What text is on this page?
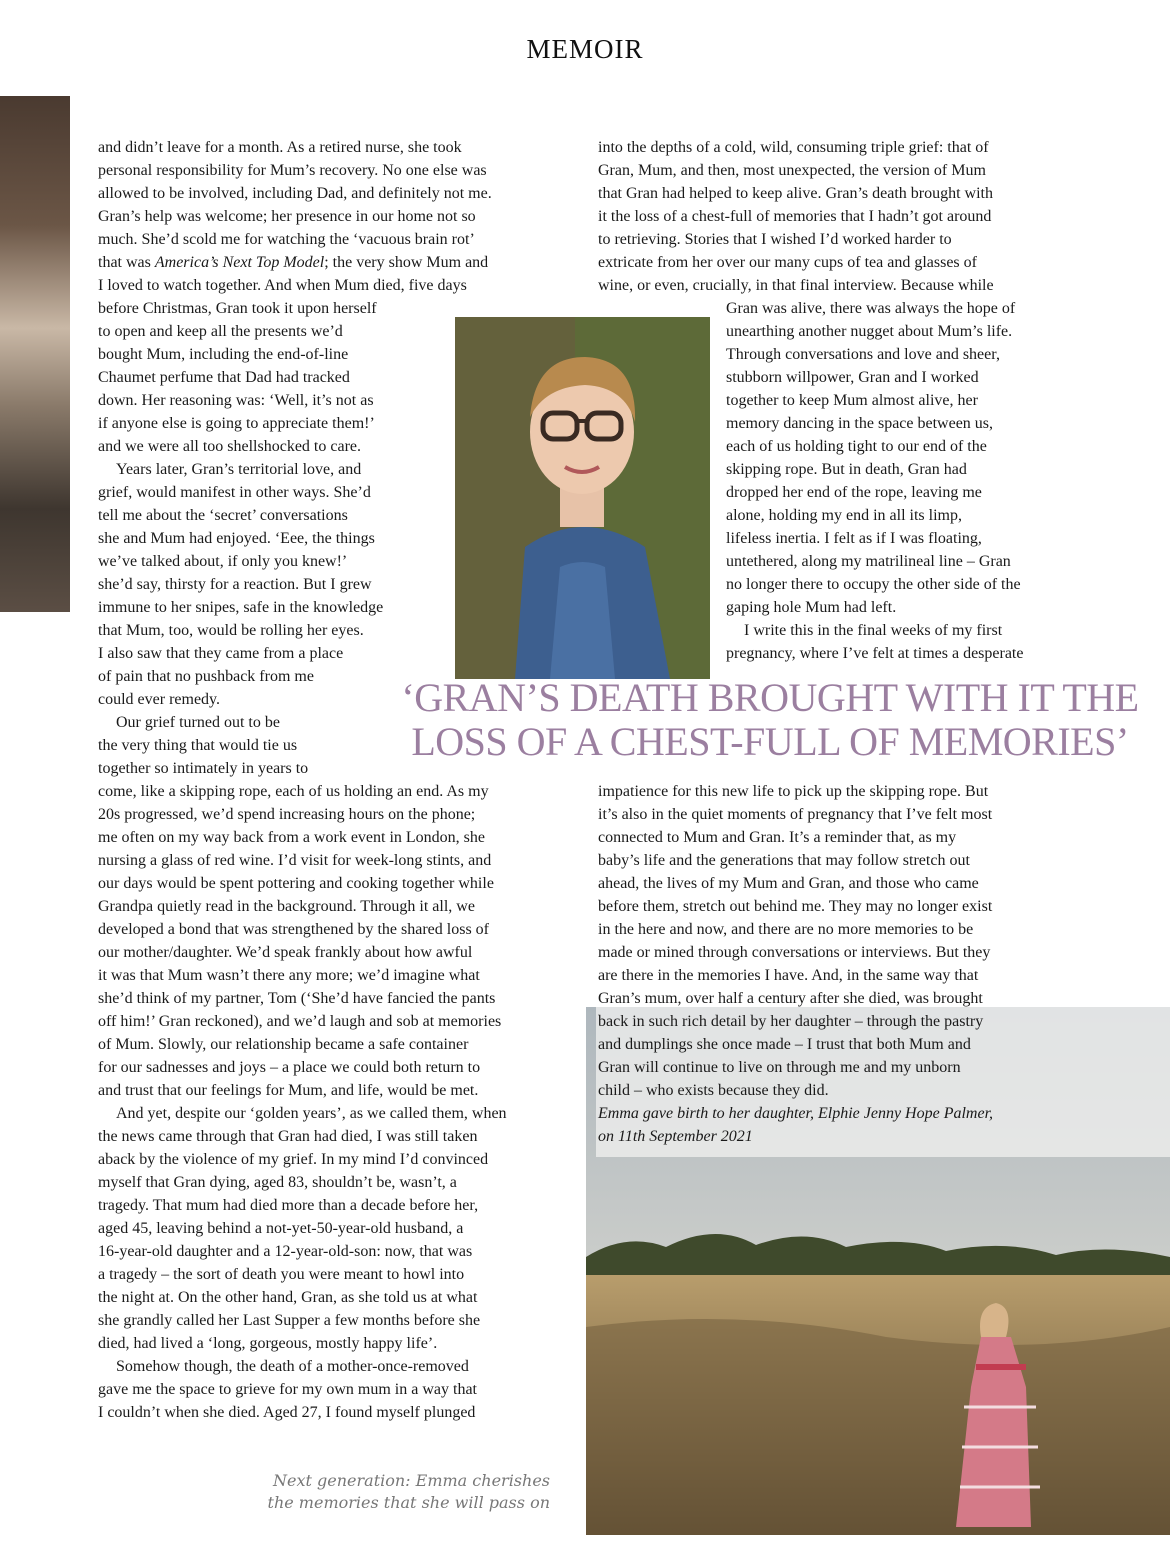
MEMOIR

and didn’t leave for a month. As a retired nurse, she took

personal responsibility for Mum’s recovery. No one else was

allowed to be involved, including Dad, and definitely not me.

Gran’s help was welcome; her presence in our home not so

much. She’d scold me for watching the ‘vacuous brain rot’

that was America’s Next Top Model; the very show Mum and

I loved to watch together. And when Mum died, five days

before Christmas, Gran took it upon herself

to open and keep all the presents we’d

bought Mum, including the end-of-line

Chaumet perfume that Dad had tracked

down. Her reasoning was: ‘Well, it’s not as

if anyone else is going to appreciate them!’

and we were all too shellshocked to care.

Years later, Gran’s territorial love, and

grief, would manifest in other ways. She’d

tell me about the ‘secret’ conversations

she and Mum had enjoyed. ‘Eee, the things

we’ve talked about, if only you knew!’

she’d say, thirsty for a reaction. But I grew

immune to her snipes, safe in the knowledge

that Mum, too, would be rolling her eyes.

I also saw that they came from a place

of pain that no pushback from me

could ever remedy.

Our grief turned out to be

the very thing that would tie us

together so intimately in years to

come, like a skipping rope, each of us holding an end. As my

20s progressed, we’d spend increasing hours on the phone;

me often on my way back from a work event in London, she

nursing a glass of red wine. I’d visit for week-long stints, and

our days would be spent pottering and cooking together while

Grandpa quietly read in the background. Through it all, we

developed a bond that was strengthened by the shared loss of

our mother/daughter. We’d speak frankly about how awful

it was that Mum wasn’t there any more; we’d imagine what

she’d think of my partner, Tom (‘She’d have fancied the pants

off him!’ Gran reckoned), and we’d laugh and sob at memories

of Mum. Slowly, our relationship became a safe container

for our sadnesses and joys – a place we could both return to

and trust that our feelings for Mum, and life, would be met.

And yet, despite our ‘golden years’, as we called them, when

the news came through that Gran had died, I was still taken

aback by the violence of my grief. In my mind I’d convinced

myself that Gran dying, aged 83, shouldn’t be, wasn’t, a

tragedy. That mum had died more than a decade before her,

aged 45, leaving behind a not-yet-50-year-old husband, a

16-year-old daughter and a 12-year-old-son: now, that was

a tragedy – the sort of death you were meant to howl into

the night at. On the other hand, Gran, as she told us at what

she grandly called her Last Supper a few months before she

died, had lived a ‘long, gorgeous, mostly happy life’.

Somehow though, the death of a mother-once-removed

gave me the space to grieve for my own mum in a way that

I couldn’t when she died. Aged 27, I found myself plunged

into the depths of a cold, wild, consuming triple grief: that of

Gran, Mum, and then, most unexpected, the version of Mum

that Gran had helped to keep alive. Gran’s death brought with

it the loss of a chest-full of memories that I hadn’t got around

to retrieving. Stories that I wished I’d worked harder to

extricate from her over our many cups of tea and glasses of

wine, or even, crucially, in that final interview. Because while

Gran was alive, there was always the hope of

unearthing another nugget about Mum’s life.

Through conversations and love and sheer,

stubborn willpower, Gran and I worked

together to keep Mum almost alive, her

memory dancing in the space between us,

each of us holding tight to our end of the

skipping rope. But in death, Gran had

dropped her end of the rope, leaving me

alone, holding my end in all its limp,

lifeless inertia. I felt as if I was floating,

untethered, along my matrilineal line – Gran

no longer there to occupy the other side of the

gaping hole Mum had left.

I write this in the final weeks of my first

pregnancy, where I’ve felt at times a desperate

‘GRAN’S DEATH BROUGHT WITH IT THE
LOSS OF A CHEST-FULL OF MEMORIES’

impatience for this new life to pick up the skipping rope. But

it’s also in the quiet moments of pregnancy that I’ve felt most

connected to Mum and Gran. It’s a reminder that, as my

baby’s life and the generations that may follow stretch out

ahead, the lives of my Mum and Gran, and those who came

before them, stretch out behind me. They may no longer exist

in the here and now, and there are no more memories to be

made or mined through conversations or interviews. But they

are there in the memories I have. And, in the same way that

Gran’s mum, over half a century after she died, was brought

back in such rich detail by her daughter – through the pastry

and dumplings she once made – I trust that both Mum and

Gran will continue to live on through me and my unborn

child – who exists because they did.

Emma gave birth to her daughter, Elphie Jenny Hope Palmer,

on 11th September 2021

Next generation: Emma cherishes
the memories that she will pass on
